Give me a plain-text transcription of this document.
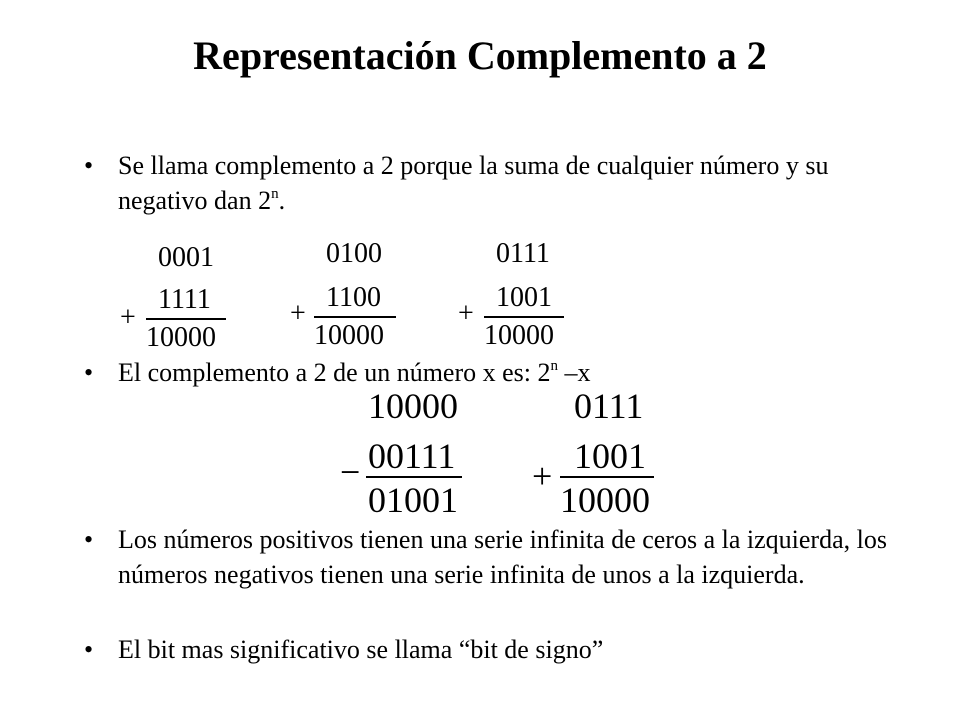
Representación Complemento a 2
• Se llama complemento a 2 porque la suma de cualquier número y su negativo dan 2$^n$.
0001
+
1111
10000
0100
+
1100
10000
0111
+
1001
10000
• El complemento a 2 de un número x es: 2$^n$ –x
10000
− 00111
01001
0111
+ 1001
10000
• Los números positivos tienen una serie infinita de ceros a la izquierda, los números negativos tienen una serie infinita de unos a la izquierda.
• El bit mas significativo se llama “bit de signo”
